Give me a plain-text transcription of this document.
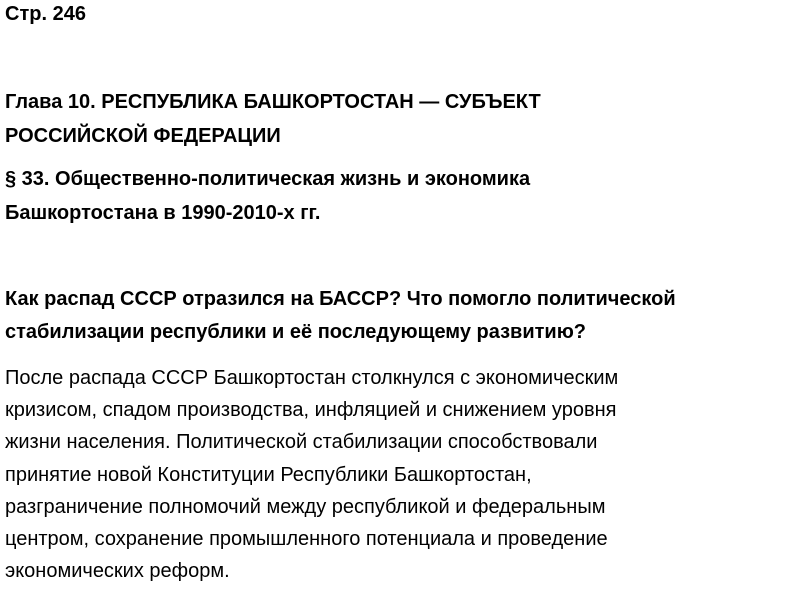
Стр. 246
Глава 10. РЕСПУБЛИКА БАШКОРТОСТАН — СУБЪЕКТ
РОССИЙСКОЙ ФЕДЕРАЦИИ
§ 33. Общественно-политическая жизнь и экономика
Башкортостана в 1990-2010-х гг.

Как распад СССР отразился на БАССР? Что помогло политической
стабилизации республики и её последующему развитию?

После распада СССР Башкортостан столкнулся с экономическим
кризисом, спадом производства, инфляцией и снижением уровня
жизни населения. Политической стабилизации способствовали
принятие новой Конституции Республики Башкортостан,
разграничение полномочий между республикой и федеральным
центром, сохранение промышленного потенциала и проведение
экономических реформ.
